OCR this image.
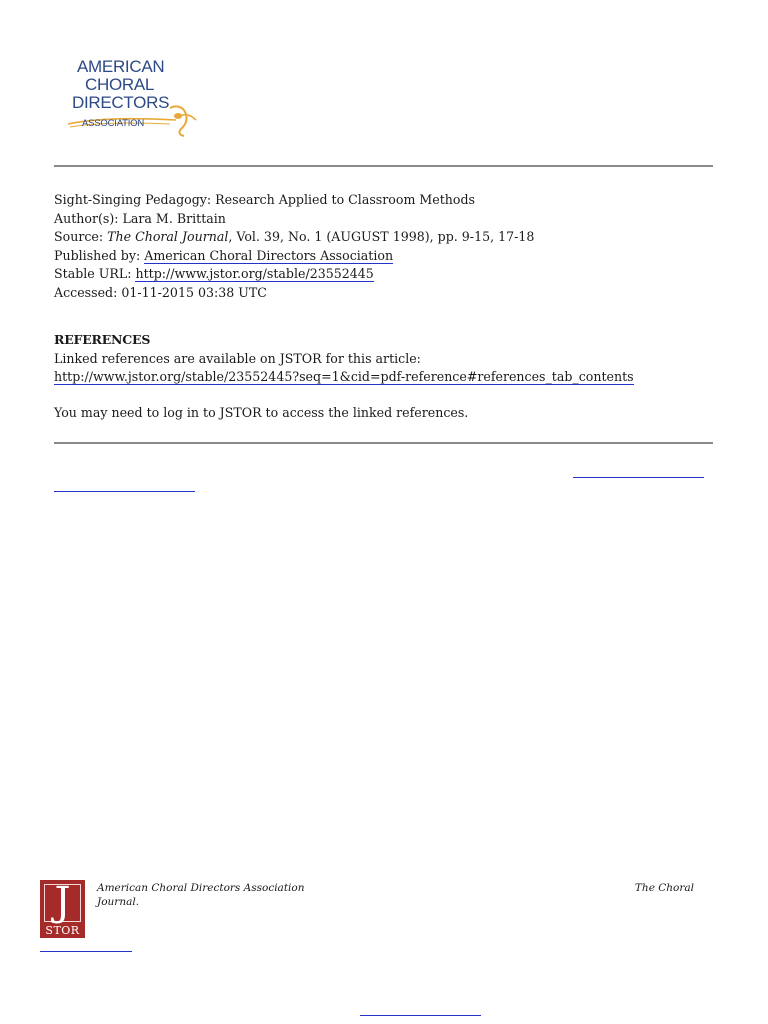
AMERICAN
CHORAL
DIRECTORS
ASSOCIATION
Sight-Singing Pedagogy: Research Applied to Classroom Methods
Author(s): Lara M. Brittain
Source: The Choral Journal, Vol. 39, No. 1 (AUGUST 1998), pp. 9-15, 17-18
Published by: American Choral Directors Association
Stable URL: http://www.jstor.org/stable/23552445
Accessed: 01-11-2015 03:38 UTC
REFERENCES
Linked references are available on JSTOR for this article:
http://www.jstor.org/stable/23552445?seq=1&cid=pdf-reference#references_tab_contents
You may need to log in to JSTOR to access the linked references.
J
STOR
American Choral Directors Association
Journal.
The Choral
